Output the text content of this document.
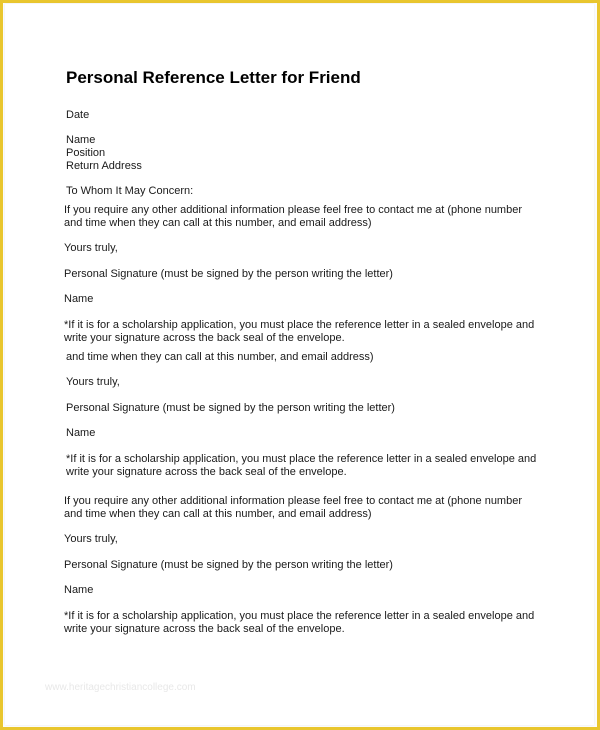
Personal Reference Letter for Friend
Date
Name
Position
Return Address
To Whom It May Concern:
If you require any other additional information please feel free to contact me at (phone number
and time when they can call at this number, and email address)
Yours truly,
Personal Signature (must be signed by the person writing the letter)
Name
*If it is for a scholarship application, you must place the reference letter in a sealed envelope and
write your signature across the back seal of the envelope.
and time when they can call at this number, and email address)
Yours truly,
Personal Signature (must be signed by the person writing the letter)
Name
*If it is for a scholarship application, you must place the reference letter in a sealed envelope and
write your signature across the back seal of the envelope.
If you require any other additional information please feel free to contact me at (phone number
and time when they can call at this number, and email address)
Yours truly,
Personal Signature (must be signed by the person writing the letter)
Name
*If it is for a scholarship application, you must place the reference letter in a sealed envelope and
write your signature across the back seal of the envelope.
www.heritagechristiancollege.com
